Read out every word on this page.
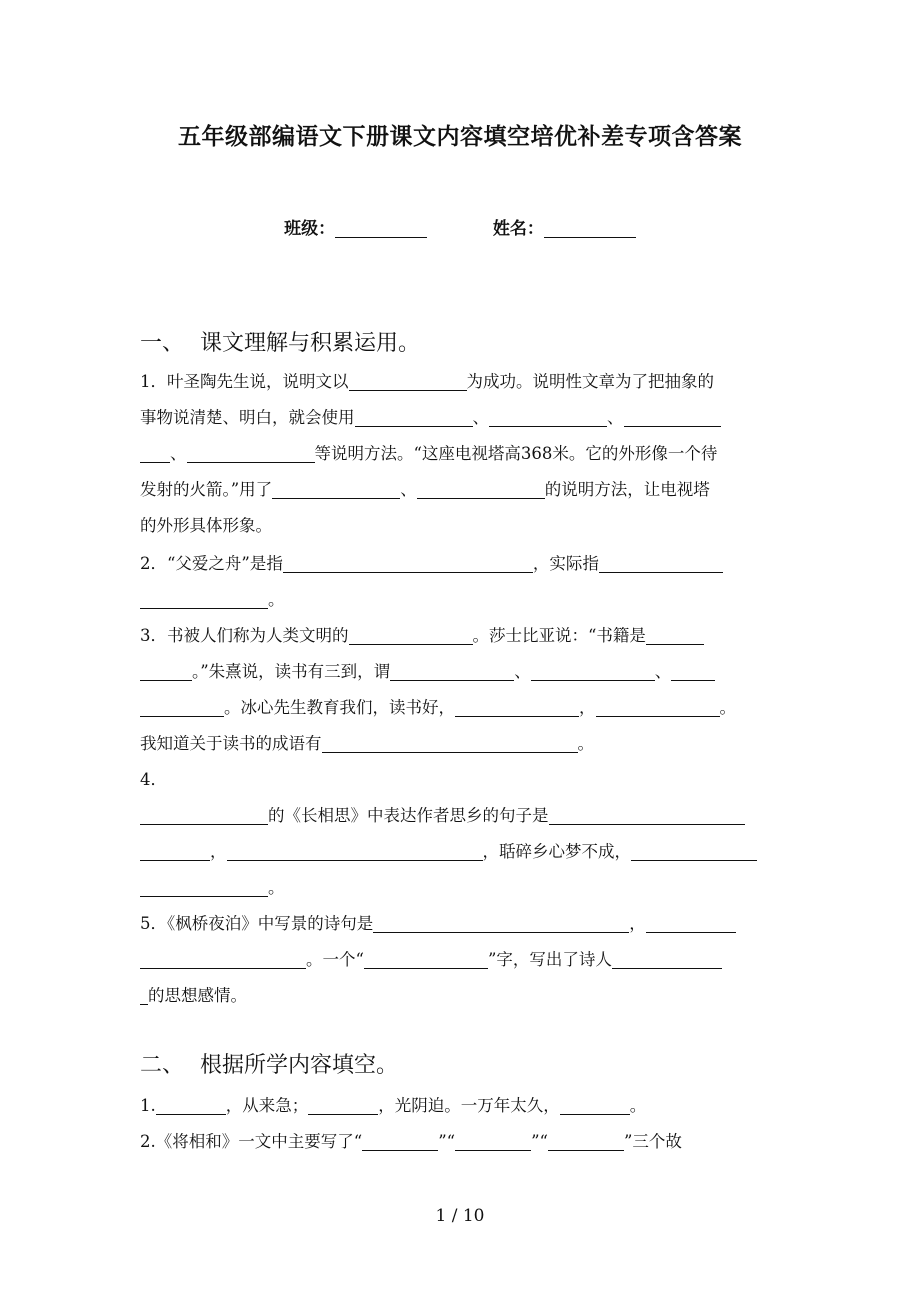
五年级部编语文下册课文内容填空培优补差专项含答案
班级：	姓名：
一、 课文理解与积累运用。
1．叶圣陶先生说，说明文以	为成功。说明性文章为了把抽象的
事物说清楚、明白，就会使用	、	、
、	等说明方法。“这座电视塔高368米。它的外形像一个待
发射的火箭。”用了	、	的说明方法，让电视塔
的外形具体形象。
2．“父爱之舟”是指	，实际指
。
3．书被人们称为人类文明的	。莎士比亚说：“书籍是
。”朱熹说，读书有三到，谓	、	、
。冰心先生教育我们，读书好，	，	。
我知道关于读书的成语有	。
4．
的《长相思》中表达作者思乡的句子是
，	，聒碎乡心梦不成，
。
5．《枫桥夜泊》中写景的诗句是	，
。一个“	”字，写出了诗人
的思想感情。
二、 根据所学内容填空。
1.	，从来急；	，光阴迫。一万年太久，	。
2.《将相和》一文中主要写了“	”“	”“	”三个故
1 / 10
